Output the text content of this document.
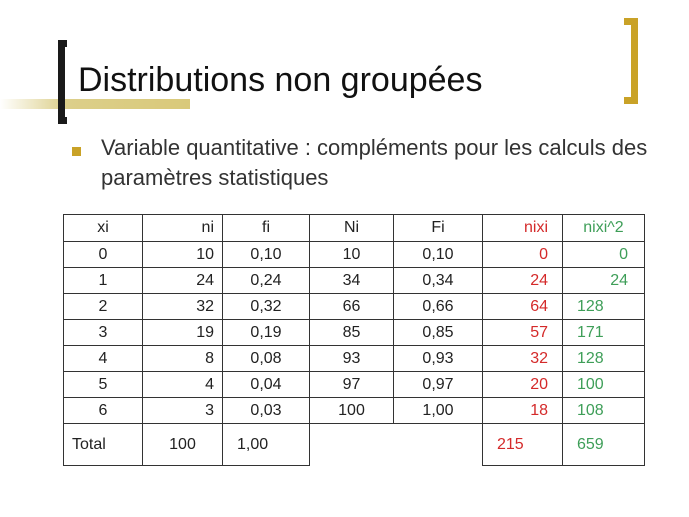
Distributions non groupées
Variable quantitative : compléments pour les calculs des paramètres statistiques
xi	ni	fi	Ni	Fi	nixi	nixi^2
0	10	0,10	10	0,10	0	0
1	24	0,24	34	0,34	24	24
2	32	0,32	66	0,66	64	128
3	19	0,19	85	0,85	57	171
4	8	0,08	93	0,93	32	128
5	4	0,04	97	0,97	20	100
6	3	0,03	100	1,00	18	108
Total	100	1,00			215	659
